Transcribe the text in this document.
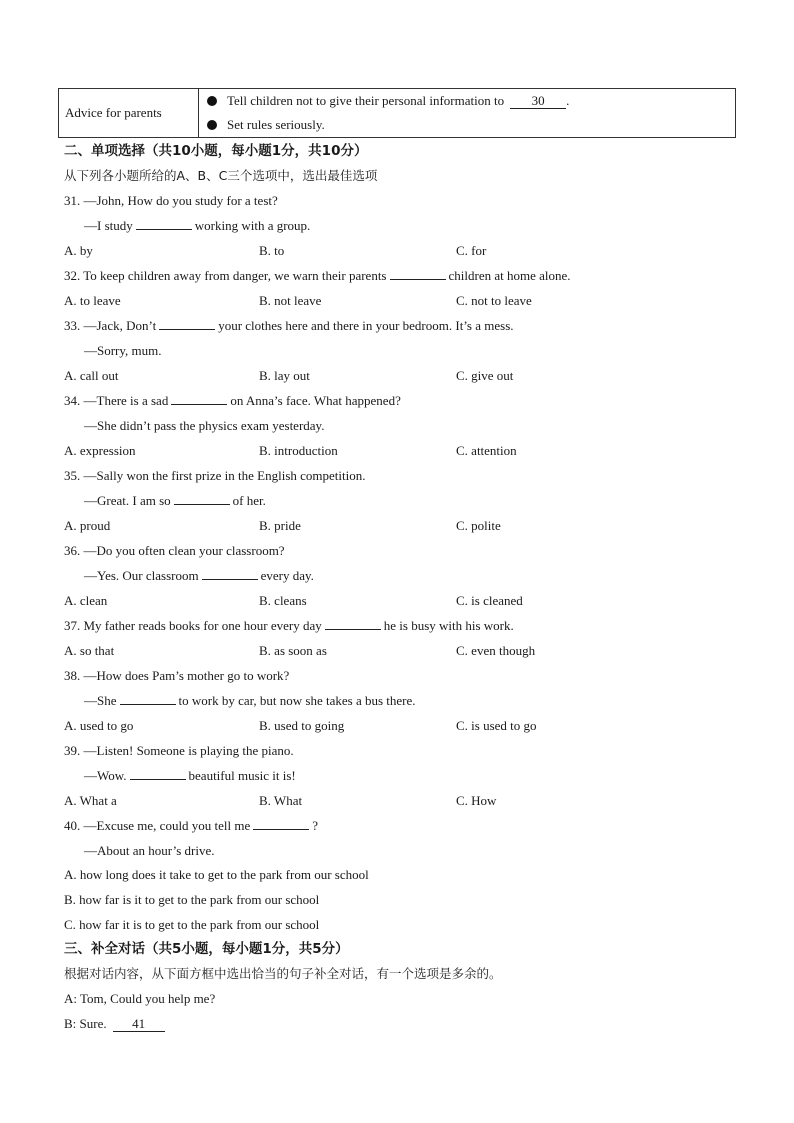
Advice for parents
Tell children not to give their personal information to	30	.
Set rules seriously.
二、单项选择（共10小题，每小题1分，共10分）
从下列各小题所给的A、B、C三个选项中，选出最佳选项
31. —John, How do you study for a test?
—I study	working with a group.
A. by	B. to	C. for
32. To keep children away from danger, we warn their parents	children at home alone.
A. to leave	B. not leave	C. not to leave
33. —Jack, Don’t	your clothes here and there in your bedroom. It’s a mess.
—Sorry, mum.
A. call out	B. lay out	C. give out
34. —There is a sad	on Anna’s face. What happened?
—She didn’t pass the physics exam yesterday.
A. expression	B. introduction	C. attention
35. —Sally won the first prize in the English competition.
—Great. I am so	of her.
A. proud	B. pride	C. polite
36. —Do you often clean your classroom?
—Yes. Our classroom	every day.
A. clean	B. cleans	C. is cleaned
37. My father reads books for one hour every day	he is busy with his work.
A. so that	B. as soon as	C. even though
38. —How does Pam’s mother go to work?
—She	to work by car, but now she takes a bus there.
A. used to go	B. used to going	C. is used to go
39. —Listen! Someone is playing the piano.
—Wow.	beautiful music it is!
A. What a	B. What	C. How
40. —Excuse me, could you tell me	?
—About an hour’s drive.
A. how long does it take to get to the park from our school
B. how far is it to get to the park from our school
C. how far it is to get to the park from our school
三、补全对话（共5小题，每小题1分，共5分）
根据对话内容，从下面方框中选出恰当的句子补全对话，有一个选项是多余的。
A: Tom, Could you help me?
B: Sure. 41
